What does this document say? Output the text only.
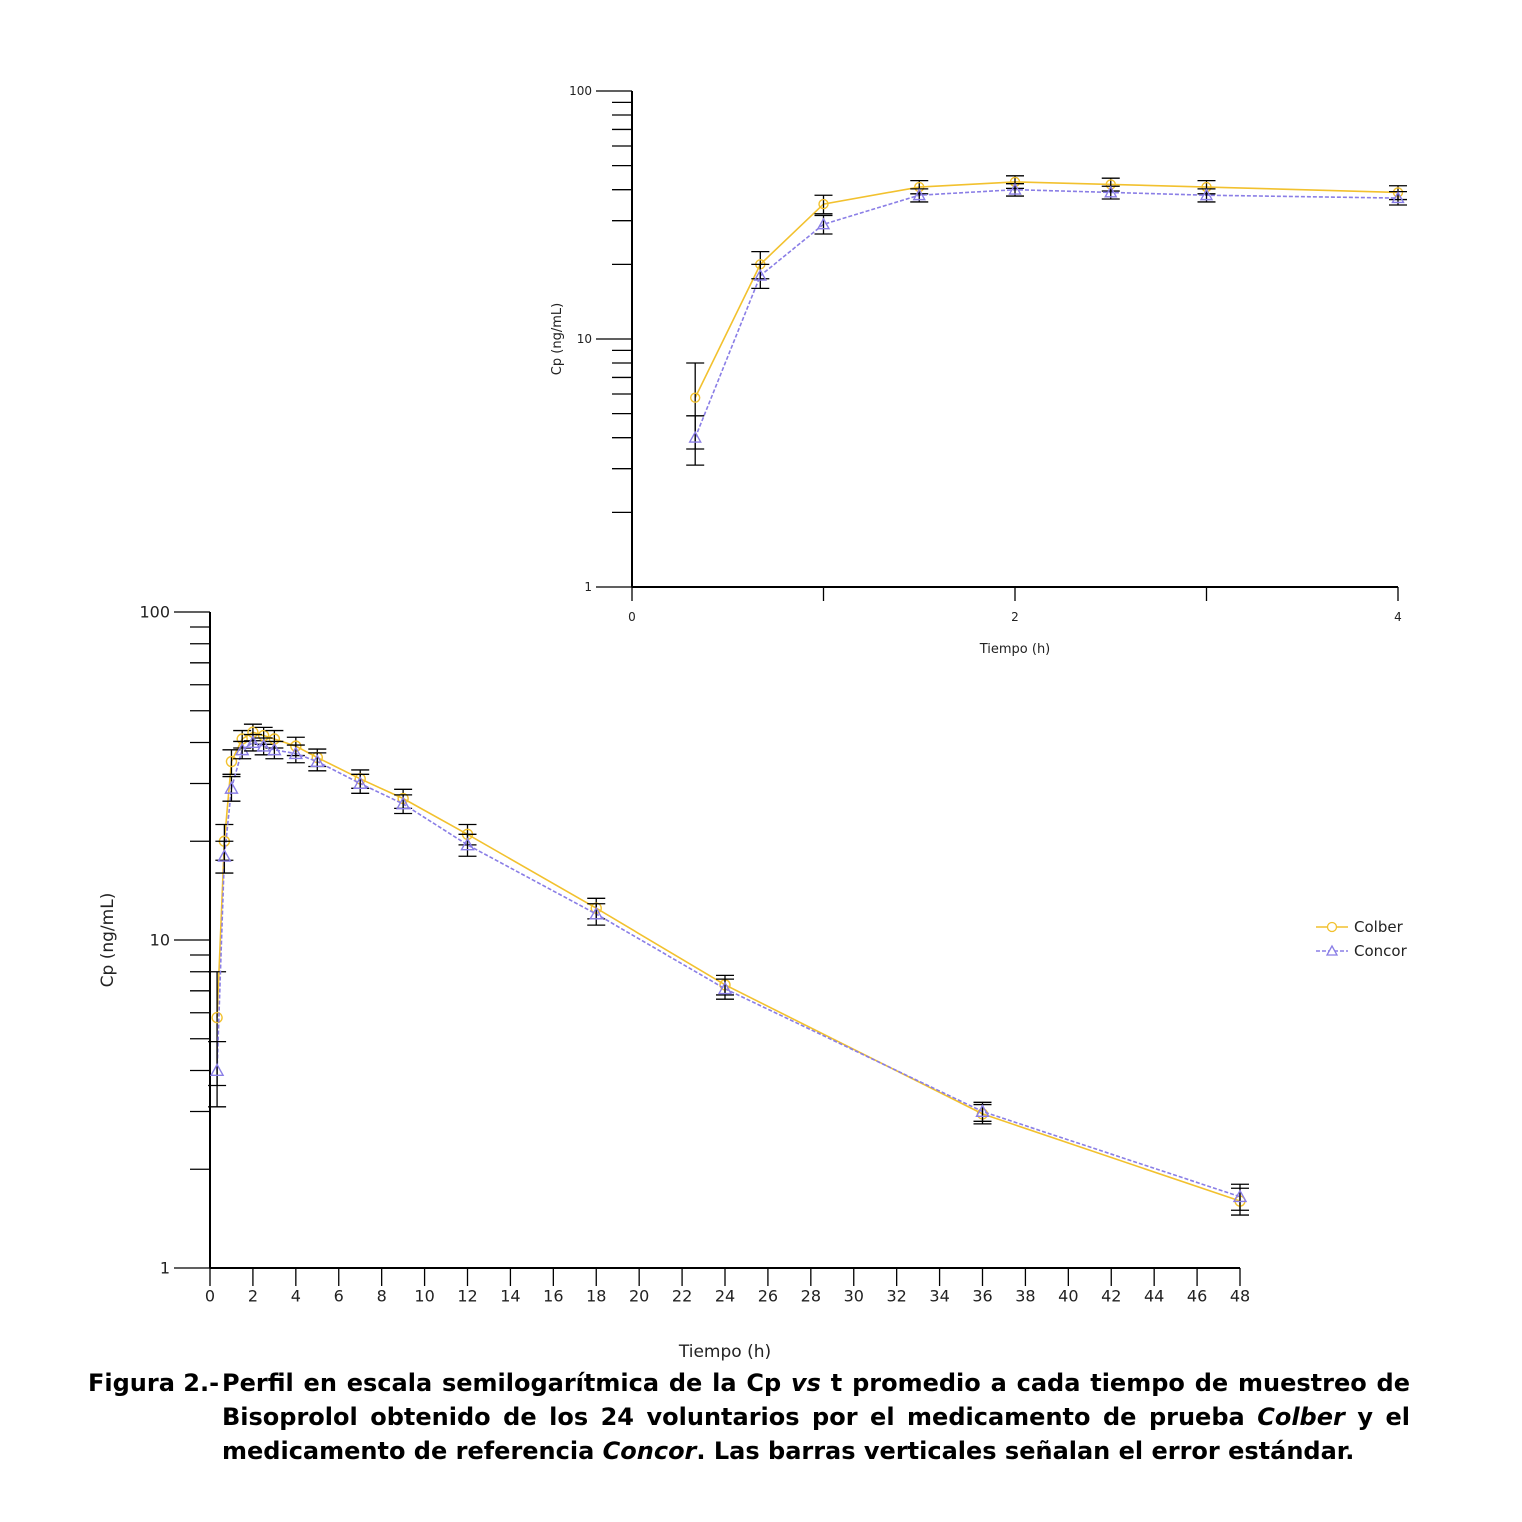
1
10
100
0 2 4 6 8 10 12 14 16 18 20 22 24 26 28 30 32 34 36 38 40 42 44 46 48
Tiempo (h)
Cp (ng/mL)
1
10
100
0	2	4
Tiempo (h)
Cp (ng/mL)
Colber
Concor
Figura 2.- Perfil en escala semilogarítmica de la Cp vs t promedio a cada tiempo de muestreo de Bisoprolol obtenido de los 24 voluntarios por el medicamento de prueba Colber y el medicamento de referencia Concor. Las barras verticales señalan el error estándar.
